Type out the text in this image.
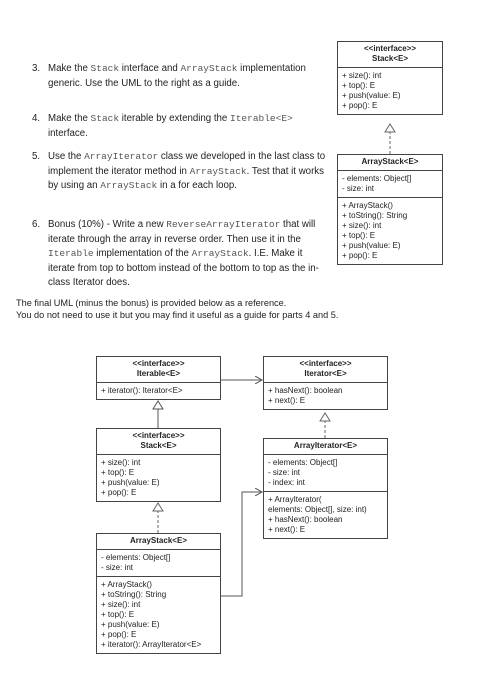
3. Make the Stack interface and ArrayStack implementation generic. Use the UML to the right as a guide.
4. Make the Stack iterable by extending the Iterable<E> interface.
5. Use the ArrayIterator class we developed in the last class to implement the iterator method in ArrayStack. Test that it works by using an ArrayStack in a for each loop.
6. Bonus (10%) - Write a new ReverseArrayIterator that will iterate through the array in reverse order. Then use it in the Iterable implementation of the ArrayStack. I.E. Make it iterate from top to bottom instead of the bottom to top as the in-class Iterator does.
<<interface>>
Stack<E>
+ size(): int
+ top(): E
+ push(value: E)
+ pop(): E
ArrayStack<E>
- elements: Object[]
- size: int
+ ArrayStack()
+ toString(): String
+ size(): int
+ top(): E
+ push(value: E)
+ pop(): E
The final UML (minus the bonus) is provided below as a reference.
You do not need to use it but you may find it useful as a guide for parts 4 and 5.
<<interface>>
Iterable<E>
+ iterator(): Iterator<E>
<<interface>>
Iterator<E>
+ hasNext(): boolean
+ next(): E
<<interface>>
Stack<E>
+ size(): int
+ top(): E
+ push(value: E)
+ pop(): E
ArrayIterator<E>
- elements: Object[]
- size: int
- index: int
+ ArrayIterator(
elements: Object[], size: int)
+ hasNext(): boolean
+ next(): E
ArrayStack<E>
- elements: Object[]
- size: int
+ ArrayStack()
+ toString(): String
+ size(): int
+ top(): E
+ push(value: E)
+ pop(): E
+ iterator(): ArrayIterator<E>
